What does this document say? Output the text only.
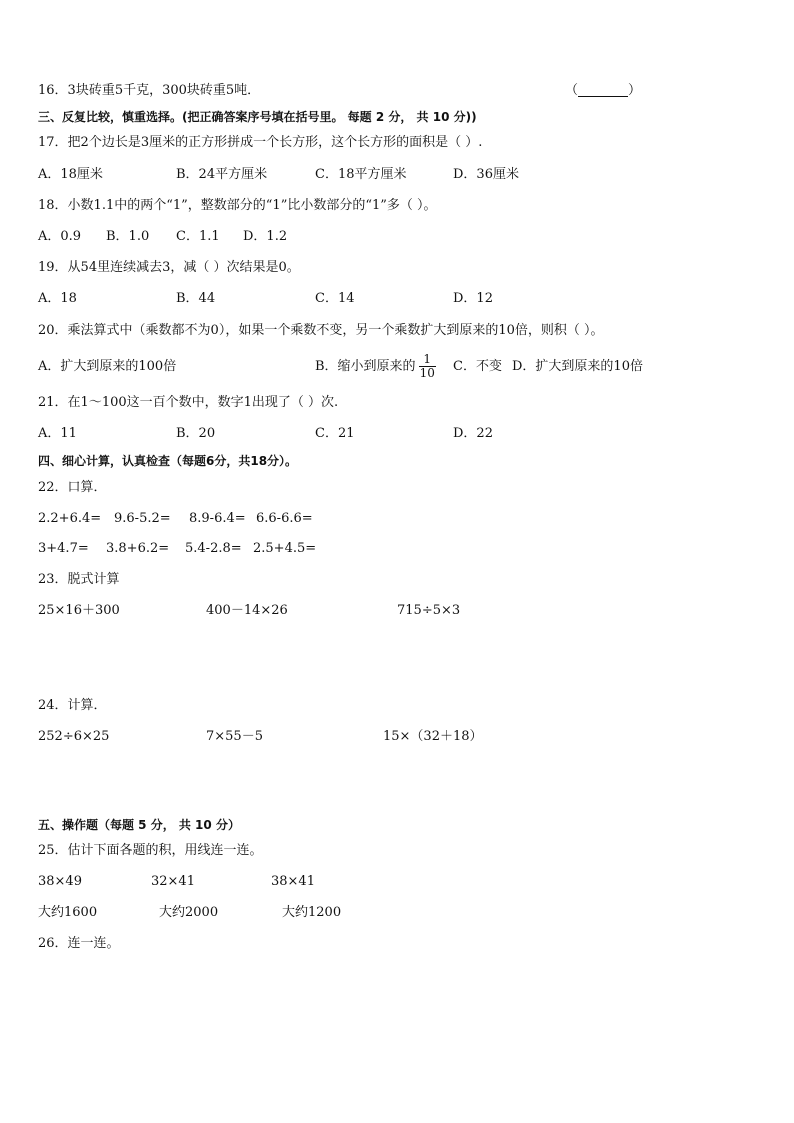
16．3块砖重5千克，300块砖重5吨．	（	）
三、反复比较，慎重选择。(把正确答案序号填在括号里。 每题 2 分， 共 10 分))
17．把2个边长是3厘米的正方形拼成一个长方形，这个长方形的面积是（ ）.
A．18厘米	B．24平方厘米	C．18平方厘米	D．36厘米
18．小数1.1中的两个“1”，整数部分的“1”比小数部分的“1”多（ ）。
A．0.9 B．1.0 C．1.1 D．1.2
19．从54里连续减去3，减（ ）次结果是0。
A．18	B．44	C．14	D．12
20．乘法算式中（乘数都不为0），如果一个乘数不变，另一个乘数扩大到原来的10倍，则积（ ）。
A．扩大到原来的100倍	B．缩小到原来的 $\frac{1}{10}$ C．不变 D．扩大到原来的10倍
21．在1～100这一百个数中，数字1出现了（ ）次.
A．11	B．20	C．21	D．22
四、细心计算，认真检查（每题6分，共18分）。
22．口算．
2.2+6.4= 9.6-5.2= 8.9-6.4= 6.6-6.6=
3+4.7= 3.8+6.2= 5.4-2.8= 2.5+4.5=
23．脱式计算
25×16＋300	400－14×26	715÷5×3
24．计算．
252÷6×25	7×55－5	15×（32＋18）
五、操作题（每题 5 分， 共 10 分）
25．估计下面各题的积，用线连一连。
38×49	32×41	38×41
大约1600	大约2000	大约1200
26．连一连。
